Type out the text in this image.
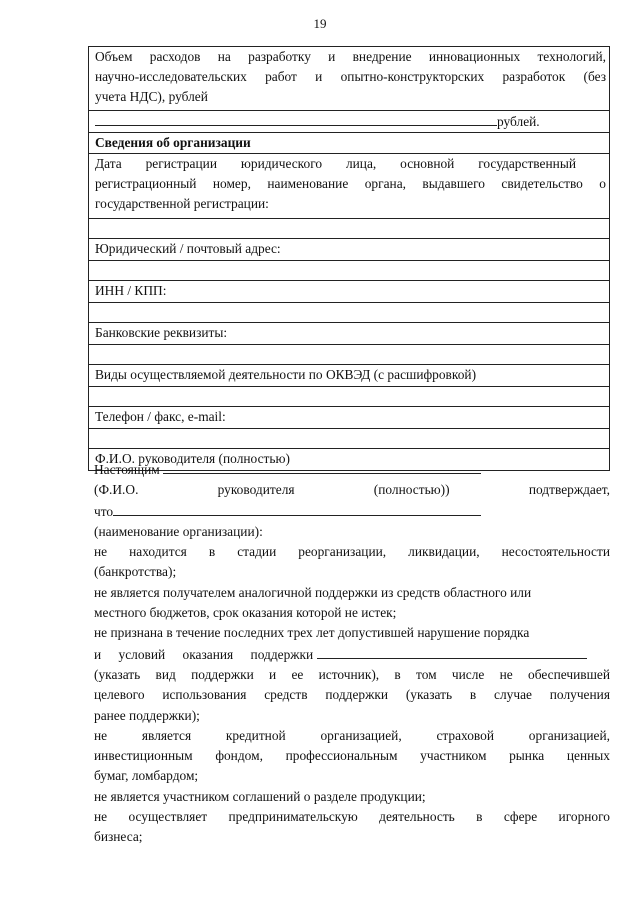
19
Объем расходов на разработку и внедрение инновационных технологий,
научно-исследовательских работ и опытно-конструкторских разработок (без
учета НДС), рублей

рублей.
Сведения об организации

Дата регистрации юридического лица, основной государственный
регистрационный номер, наименование органа, выдавшего свидетельство о
государственной регистрации:

Юридический / почтовый адрес:

ИНН / КПП:

Банковские реквизиты:

Виды осуществляемой деятельности по ОКВЭД (с расшифровкой)

Телефон / факс, e-mail:

Ф.И.О. руководителя (полностью)

Настоящим

(Ф.И.О. руководителя (полностью)) подтверждает,

что

(наименование организации):

не находится в стадии реорганизации, ликвидации, несостоятельности

(банкротства);

не является получателем аналогичной поддержки из средств областного или

местного бюджетов, срок оказания которой не истек;

не признана в течение последних трех лет допустившей нарушение порядка

и условий оказания поддержки

(указать вид поддержки и ее источник), в том числе не обеспечившей

целевого использования средств поддержки (указать в случае получения

ранее поддержки);

не является кредитной организацией, страховой организацией,

инвестиционным фондом, профессиональным участником рынка ценных

бумаг, ломбардом;

не является участником соглашений о разделе продукции;

не осуществляет предпринимательскую деятельность в сфере игорного

бизнеса;
